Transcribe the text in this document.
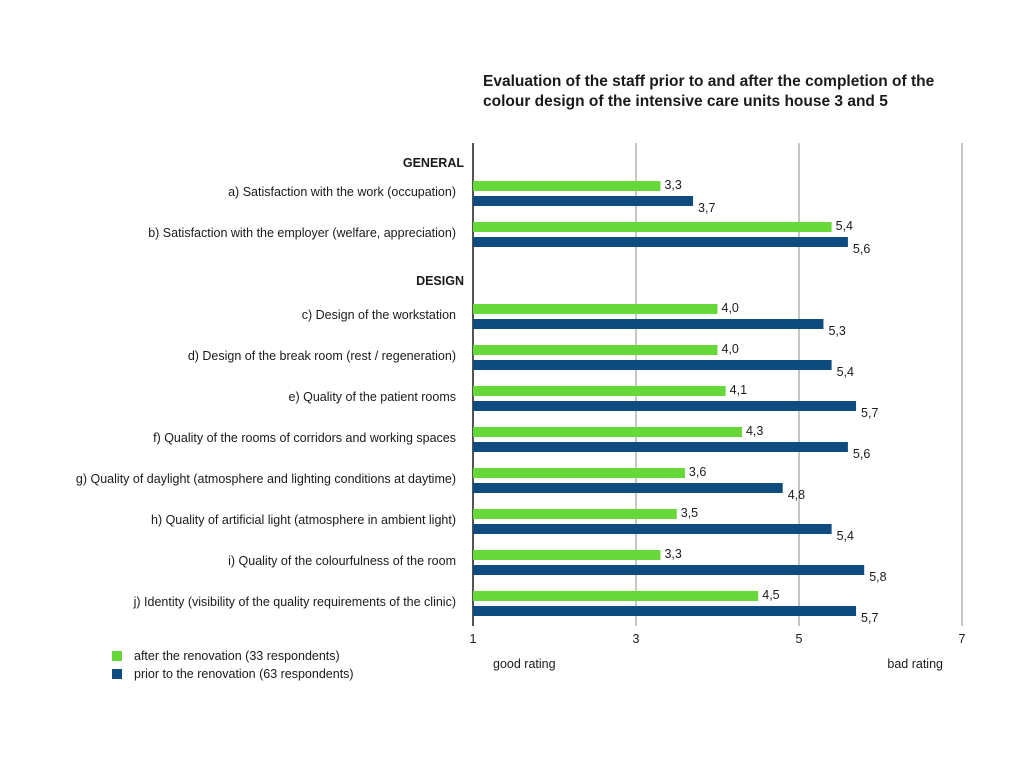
Evaluation of the staff prior to and after the completion of the colour design of the intensive care units house 3 and 5
GENERAL
DESIGN
a) Satisfaction with the work (occupation)
b) Satisfaction with the employer (welfare, appreciation)
c) Design of the workstation
d) Design of the break room (rest / regeneration)
e) Quality of the patient rooms
f) Quality of the rooms of corridors and working spaces
g) Quality of daylight (atmosphere and lighting conditions at daytime)
h) Quality of artificial light (atmosphere in ambient light)
i) Quality of the colourfulness of the room
j) Identity (visibility of the quality requirements of the clinic)
3,3
3,7
5,4
5,6
4,0
5,3
4,0
5,4
4,1
5,7
4,3
5,6
3,6
4,8
3,5
5,4
3,3
5,8
4,5
5,7
1	3	5	7
good rating	bad rating
after the renovation (33 respondents)
prior to the renovation (63 respondents)
